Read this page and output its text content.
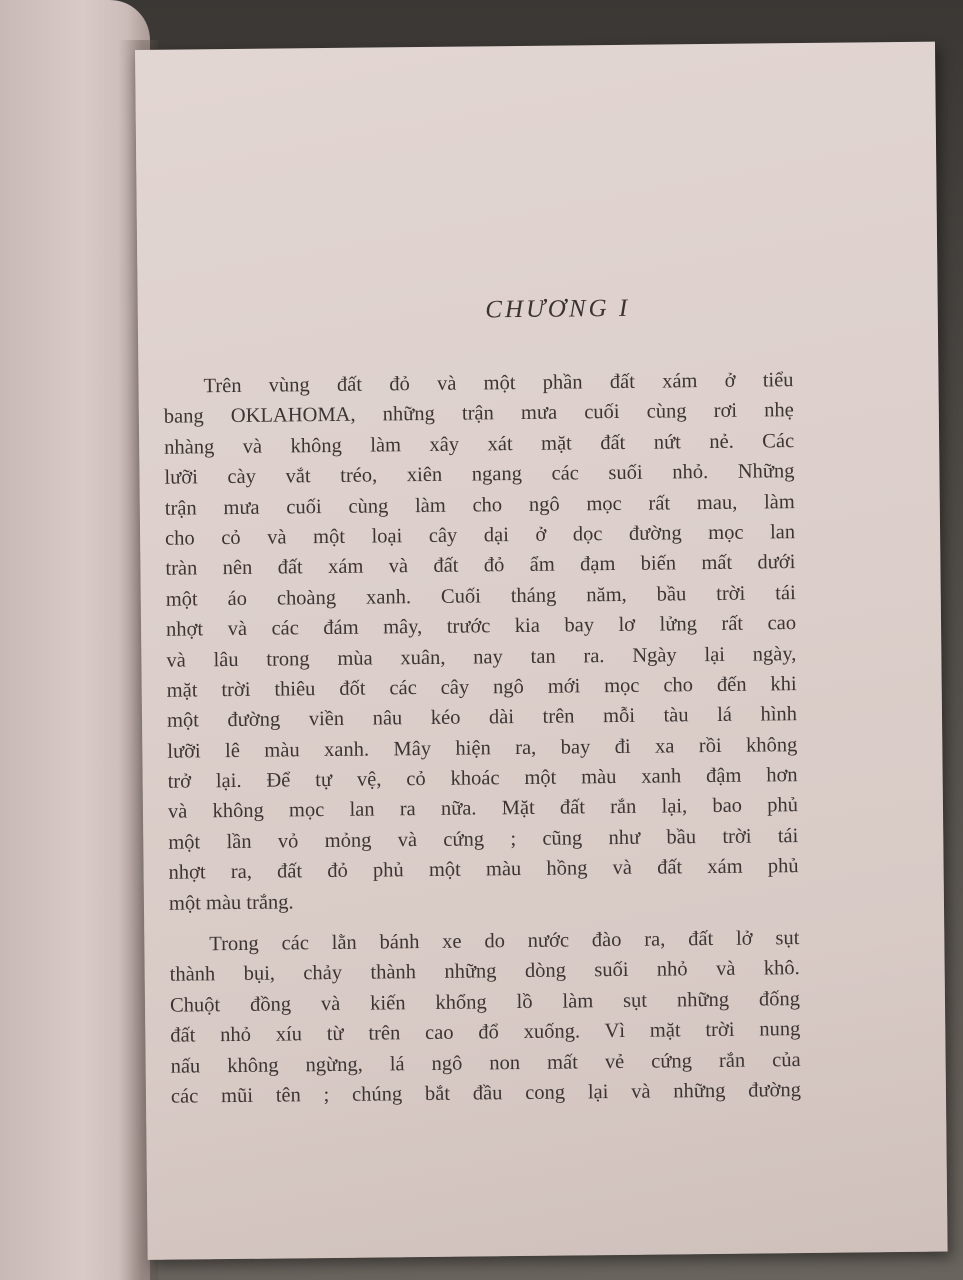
CHƯƠNG I
Trên vùng đất đỏ và một phần đất xám ở tiểu
bang OKLAHOMA, những trận mưa cuối cùng rơi nhẹ
nhàng và không làm xây xát mặt đất nứt nẻ. Các
lưỡi cày vắt tréo, xiên ngang các suối nhỏ. Những
trận mưa cuối cùng làm cho ngô mọc rất mau, làm
cho cỏ và một loại cây dại ở dọc đường mọc lan
tràn nên đất xám và đất đỏ ẩm đạm biến mất dưới
một áo choàng xanh. Cuối tháng năm, bầu trời tái
nhợt và các đám mây, trước kia bay lơ lửng rất cao
và lâu trong mùa xuân, nay tan ra. Ngày lại ngày,
mặt trời thiêu đốt các cây ngô mới mọc cho đến khi
một đường viền nâu kéo dài trên mỗi tàu lá hình
lưỡi lê màu xanh. Mây hiện ra, bay đi xa rồi không
trở lại. Để tự vệ, cỏ khoác một màu xanh đậm hơn
và không mọc lan ra nữa. Mặt đất rắn lại, bao phủ
một lần vỏ mỏng và cứng ; cũng như bầu trời tái
nhợt ra, đất đỏ phủ một màu hồng và đất xám phủ
một màu trắng.
Trong các lằn bánh xe do nước đào ra, đất lở sụt
thành bụi, chảy thành những dòng suối nhỏ và khô.
Chuột đồng và kiến khổng lồ làm sụt những đống
đất nhỏ xíu từ trên cao đổ xuống. Vì mặt trời nung
nấu không ngừng, lá ngô non mất vẻ cứng rắn của
các mũi tên ; chúng bắt đầu cong lại và những đường
